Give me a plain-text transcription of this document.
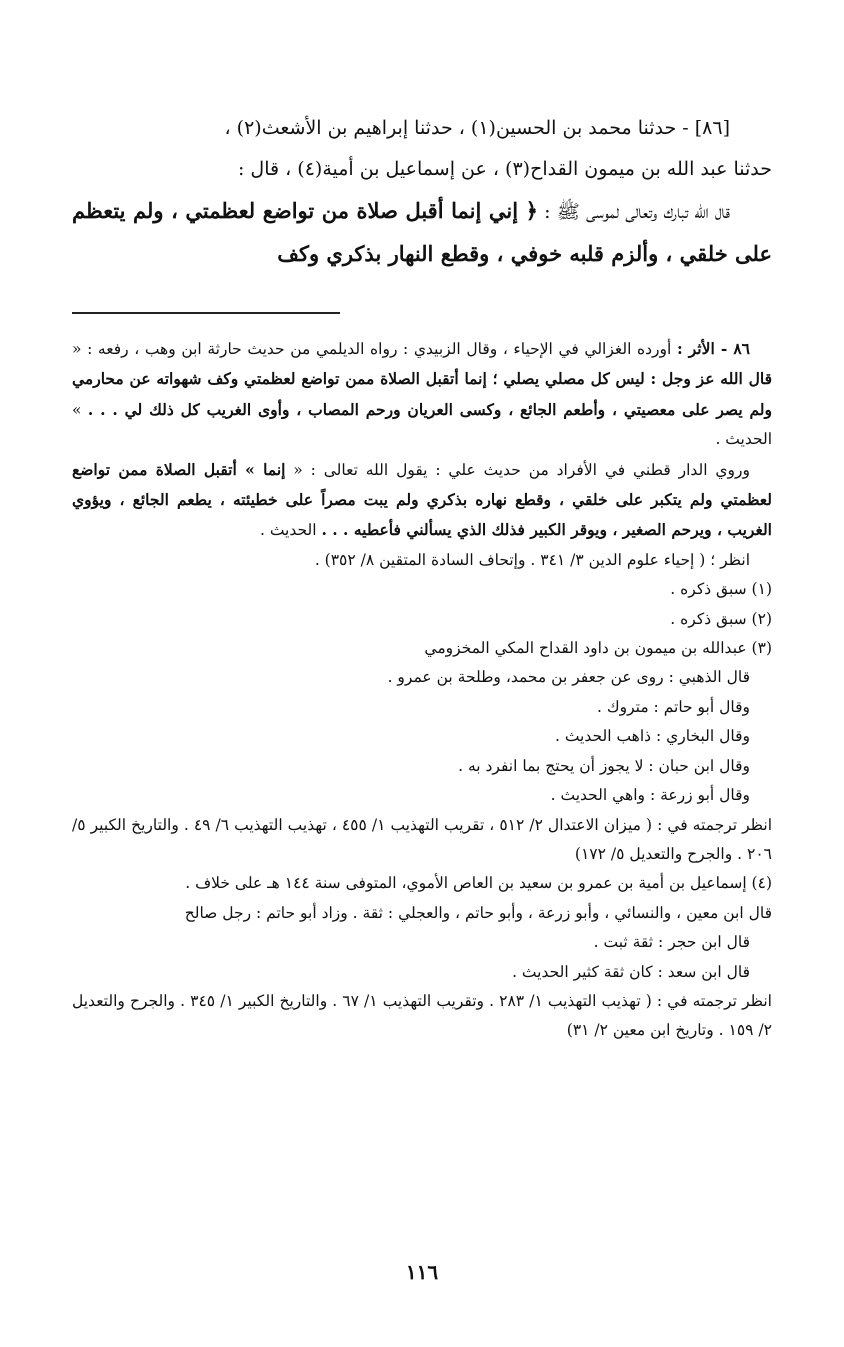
[٨٦] - حدثنا محمد بن الحسين(١) ، حدثنا إبراهيم بن الأشعث(٢) ،

حدثنا عبد الله بن ميمون القداح(٣) ، عن إسماعيل بن أمية(٤) ، قال :

قال الله تبارك وتعالى لموسى ﷺ : ﴿ إني إنما أقبل صلاة من تواضع لعظمتي ، ولم يتعظم على خلقي ، وألزم قلبه خوفي ، وقطع النهار بذكري وكف

٨٦ - الأثر : أورده الغزالي في الإحياء ، وقال الزبيدي : رواه الديلمي من حديث حارثة ابن وهب ، رفعه : « قال الله عز وجل : ليس كل مصلي يصلي ؛ إنما أتقبل الصلاة ممن تواضع لعظمتي وكف شهواته عن محارمي ولم يصر على معصيتي ، وأطعم الجائع ، وكسى العريان ورحم المصاب ، وأوى الغريب كل ذلك لي . . . » الحديث .

وروي الدار قطني في الأفراد من حديث علي : يقول الله تعالى : « إنما » أتقبل الصلاة ممن تواضع لعظمتي ولم يتكبر على خلقي ، وقطع نهاره بذكري ولم يبت مصراً على خطيئته ، يطعم الجائع ، ويؤوي الغريب ، ويرحم الصغير ، ويوقر الكبير فذلك الذي يسألني فأعطيه . . . الحديث .

انظر ؛ ( إحياء علوم الدين ٣/ ٣٤١ . وإتحاف السادة المتقين ٨/ ٣٥٢) .

(١) سبق ذكره .

(٢) سبق ذكره .

(٣) عبدالله بن ميمون بن داود القداح المكي المخزومي

قال الذهبي : روى عن جعفر بن محمد، وطلحة بن عمرو .

وقال أبو حاتم : متروك .

وقال البخاري : ذاهب الحديث .

وقال ابن حبان : لا يجوز أن يحتج بما انفرد به .

وقال أبو زرعة : واهي الحديث .

انظر ترجمته في : ( ميزان الاعتدال ٢/ ٥١٢ ، تقريب التهذيب ١/ ٤٥٥ ، تهذيب التهذيب ٦/ ٤٩ . والتاريخ الكبير ٥/ ٢٠٦ . والجرح والتعديل ٥/ ١٧٢)

(٤) إسماعيل بن أمية بن عمرو بن سعيد بن العاص الأموي، المتوفى سنة ١٤٤ هـ على خلاف .

قال ابن معين ، والنسائي ، وأبو زرعة ، وأبو حاتم ، والعجلي : ثقة . وزاد أبو حاتم : رجل صالح

قال ابن حجر : ثقة ثبت .

قال ابن سعد : كان ثقة كثير الحديث .

انظر ترجمته في : ( تهذيب التهذيب ١/ ٢٨٣ . وتقريب التهذيب ١/ ٦٧ . والتاريخ الكبير ١/ ٣٤٥ . والجرح والتعديل ٢/ ١٥٩ . وتاريخ ابن معين ٢/ ٣١)

١١٦
